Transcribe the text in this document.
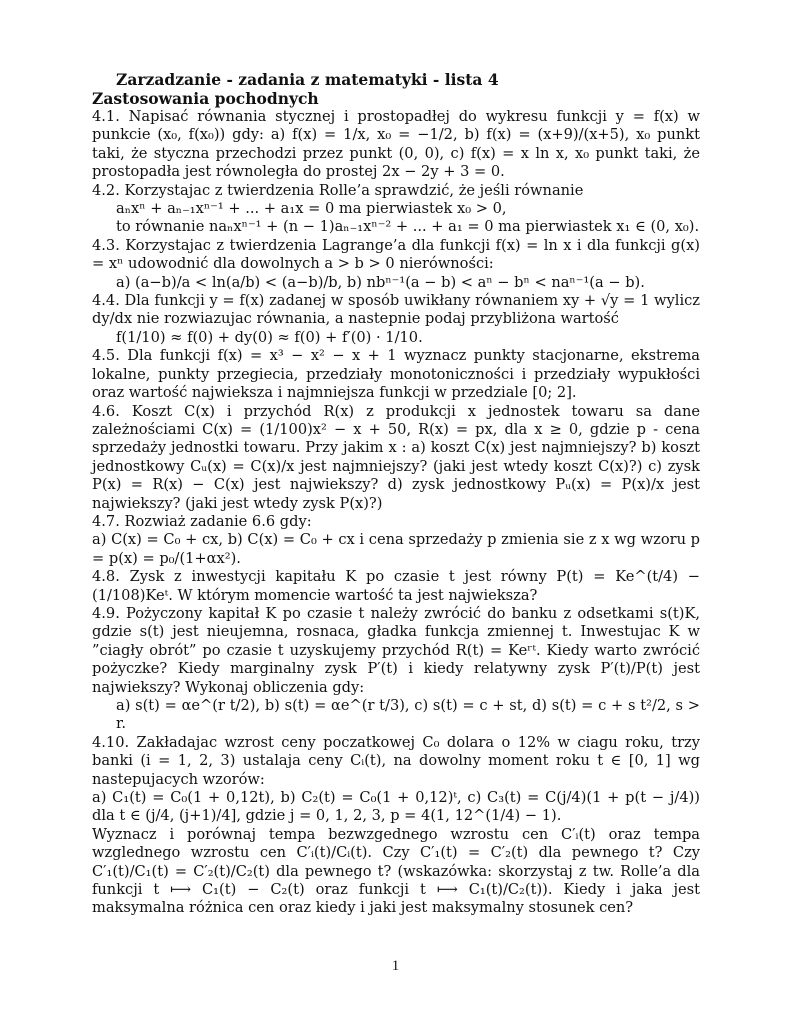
Zarzadzanie - zadania z matematyki - lista 4

Zastosowania pochodnych

4.1. Napisać równania stycznej i prostopadłej do wykresu funkcji y = f(x) w punkcie (x₀, f(x₀)) gdy: a) f(x) = 1/x, x₀ = −1/2, b) f(x) = (x+9)/(x+5), x₀ punkt taki, że styczna przechodzi przez punkt (0, 0), c) f(x) = x ln x, x₀ punkt taki, że prostopadła jest równoległa do prostej 2x − 2y + 3 = 0.

4.2. Korzystajac z twierdzenia Rolle’a sprawdzić, że jeśli równanie

aₙxⁿ + aₙ₋₁xⁿ⁻¹ + ... + a₁x = 0 ma pierwiastek x₀ > 0,

to równanie naₙxⁿ⁻¹ + (n − 1)aₙ₋₁xⁿ⁻² + ... + a₁ = 0 ma pierwiastek x₁ ∈ (0, x₀).

4.3. Korzystajac z twierdzenia Lagrange’a dla funkcji f(x) = ln x i dla funkcji g(x) = xⁿ udowodnić dla dowolnych a > b > 0 nierówności:

a) (a−b)/a < ln(a/b) < (a−b)/b, b) nbⁿ⁻¹(a − b) < aⁿ − bⁿ < naⁿ⁻¹(a − b).

4.4. Dla funkcji y = f(x) zadanej w sposób uwikłany równaniem xy + √y = 1 wylicz dy/dx nie rozwiazujac równania, a nastepnie podaj przybliżona wartość

f(1/10) ≈ f(0) + dy(0) ≈ f(0) + f′(0) · 1/10.

4.5. Dla funkcji f(x) = x³ − x² − x + 1 wyznacz punkty stacjonarne, ekstrema lokalne, punkty przegiecia, przedziały monotoniczności i przedziały wypukłości oraz wartość najwieksza i najmniejsza funkcji w przedziale [0; 2].

4.6. Koszt C(x) i przychód R(x) z produkcji x jednostek towaru sa dane zależnościami C(x) = (1/100)x² − x + 50, R(x) = px, dla x ≥ 0, gdzie p - cena sprzedaży jednostki towaru. Przy jakim x : a) koszt C(x) jest najmniejszy? b) koszt jednostkowy Cᵤ(x) = C(x)/x jest najmniejszy? (jaki jest wtedy koszt C(x)?) c) zysk P(x) = R(x) − C(x) jest najwiekszy? d) zysk jednostkowy Pᵤ(x) = P(x)/x jest najwiekszy? (jaki jest wtedy zysk P(x)?)

4.7. Rozwiaż zadanie 6.6 gdy:

a) C(x) = C₀ + cx, b) C(x) = C₀ + cx i cena sprzedaży p zmienia sie z x wg wzoru p = p(x) = p₀/(1+αx²).

4.8. Zysk z inwestycji kapitału K po czasie t jest równy P(t) = Ke^(t/4) − (1/108)Keᵗ. W którym momencie wartość ta jest najwieksza?

4.9. Pożyczony kapitał K po czasie t należy zwrócić do banku z odsetkami s(t)K, gdzie s(t) jest nieujemna, rosnaca, gładka funkcja zmiennej t. Inwestujac K w ”ciagły obrót” po czasie t uzyskujemy przychód R(t) = Keʳᵗ. Kiedy warto zwrócić pożyczke? Kiedy marginalny zysk P′(t) i kiedy relatywny zysk P′(t)/P(t) jest najwiekszy? Wykonaj obliczenia gdy:

a) s(t) = αe^(r t/2), b) s(t) = αe^(r t/3), c) s(t) = c + st, d) s(t) = c + s t²/2, s > r.

4.10. Zakładajac wzrost ceny poczatkowej C₀ dolara o 12% w ciagu roku, trzy banki (i = 1, 2, 3) ustalaja ceny Cᵢ(t), na dowolny moment roku t ∈ [0, 1] wg nastepujacych wzorów:

a) C₁(t) = C₀(1 + 0,12t), b) C₂(t) = C₀(1 + 0,12)ᵗ, c) C₃(t) = C(j/4)(1 + p(t − j/4)) dla t ∈ (j/4, (j+1)/4], gdzie j = 0, 1, 2, 3, p = 4(1, 12^(1/4) − 1).

Wyznacz i porównaj tempa bezwzgednego wzrostu cen C′ᵢ(t) oraz tempa wzglednego wzrostu cen C′ᵢ(t)/Cᵢ(t). Czy C′₁(t) = C′₂(t) dla pewnego t? Czy C′₁(t)/C₁(t) = C′₂(t)/C₂(t) dla pewnego t? (wskazówka: skorzystaj z tw. Rolle’a dla funkcji t ⟼ C₁(t) − C₂(t) oraz funkcji t ⟼ C₁(t)/C₂(t)). Kiedy i jaka jest maksymalna różnica cen oraz kiedy i jaki jest maksymalny stosunek cen?

1
